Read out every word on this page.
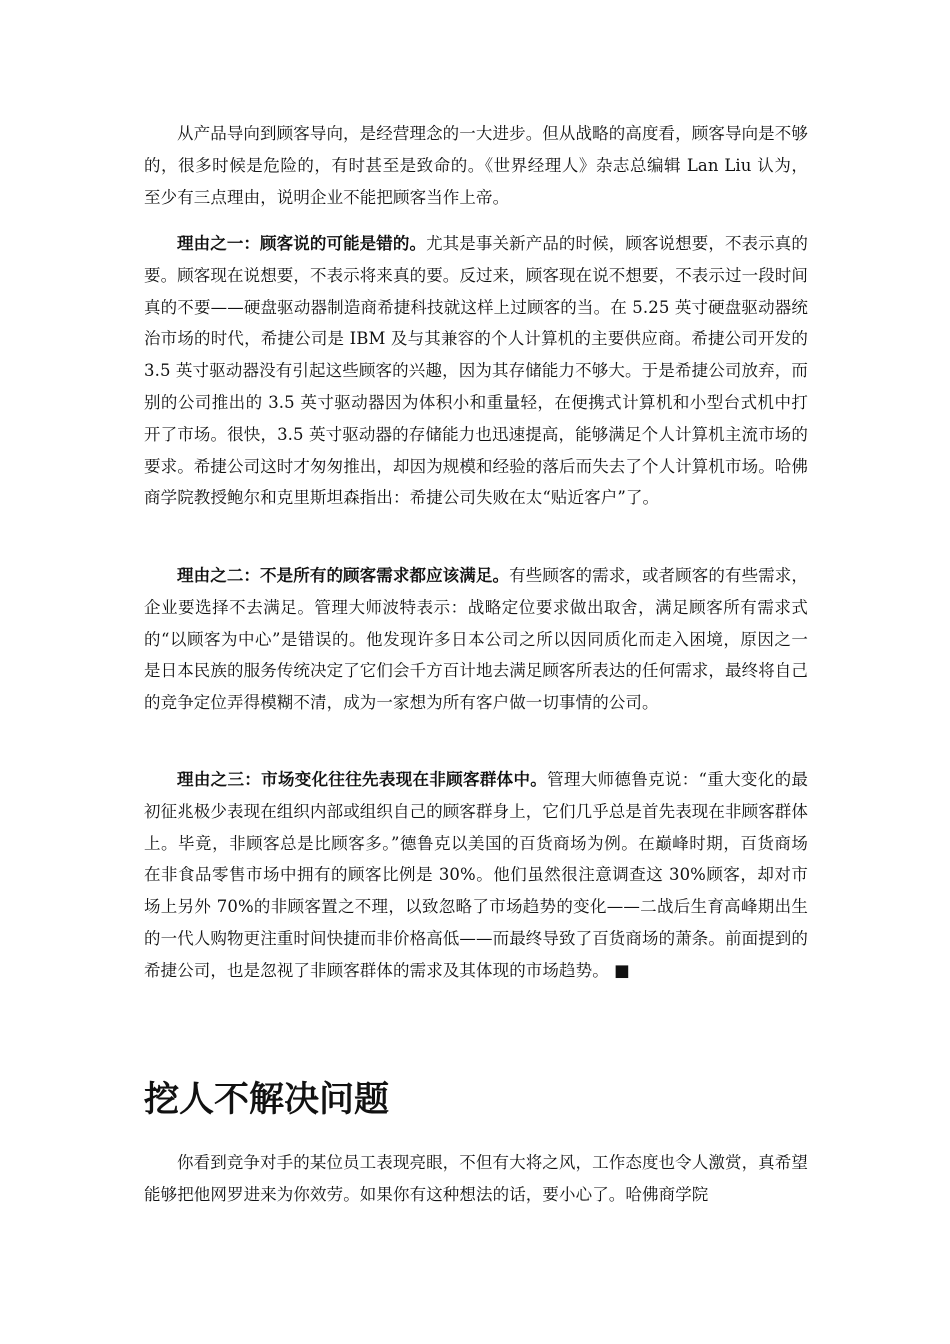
从产品导向到顾客导向，是经营理念的一大进步。但从战略的高度看，顾客导向是不够的，很多时候是危险的，有时甚至是致命的。《世界经理人》杂志总编辑 Lan Liu 认为，至少有三点理由，说明企业不能把顾客当作上帝。

理由之一：顾客说的可能是错的。尤其是事关新产品的时候，顾客说想要，不表示真的要。顾客现在说想要，不表示将来真的要。反过来，顾客现在说不想要，不表示过一段时间真的不要——硬盘驱动器制造商希捷科技就这样上过顾客的当。在 5.25 英寸硬盘驱动器统治市场的时代，希捷公司是 IBM 及与其兼容的个人计算机的主要供应商。希捷公司开发的 3.5 英寸驱动器没有引起这些顾客的兴趣，因为其存储能力不够大。于是希捷公司放弃，而别的公司推出的 3.5 英寸驱动器因为体积小和重量轻，在便携式计算机和小型台式机中打开了市场。很快，3.5 英寸驱动器的存储能力也迅速提高，能够满足个人计算机主流市场的要求。希捷公司这时才匆匆推出，却因为规模和经验的落后而失去了个人计算机市场。哈佛商学院教授鲍尔和克里斯坦森指出：希捷公司失败在太“贴近客户”了。

理由之二：不是所有的顾客需求都应该满足。有些顾客的需求，或者顾客的有些需求，企业要选择不去满足。管理大师波特表示：战略定位要求做出取舍，满足顾客所有需求式的“以顾客为中心”是错误的。他发现许多日本公司之所以因同质化而走入困境，原因之一是日本民族的服务传统决定了它们会千方百计地去满足顾客所表达的任何需求，最终将自己的竞争定位弄得模糊不清，成为一家想为所有客户做一切事情的公司。

理由之三：市场变化往往先表现在非顾客群体中。管理大师德鲁克说：“重大变化的最初征兆极少表现在组织内部或组织自己的顾客群身上，它们几乎总是首先表现在非顾客群体上。毕竟，非顾客总是比顾客多。”德鲁克以美国的百货商场为例。在巅峰时期，百货商场在非食品零售市场中拥有的顾客比例是 30%。他们虽然很注意调查这 30%顾客，却对市场上另外 70%的非顾客置之不理，以致忽略了市场趋势的变化——二战后生育高峰期出生的一代人购物更注重时间快捷而非价格高低——而最终导致了百货商场的萧条。前面提到的希捷公司，也是忽视了非顾客群体的需求及其体现的市场趋势。 ■

挖人不解决问题

你看到竞争对手的某位员工表现亮眼，不但有大将之风，工作态度也令人激赏，真希望能够把他网罗进来为你效劳。如果你有这种想法的话，要小心了。哈佛商学院
